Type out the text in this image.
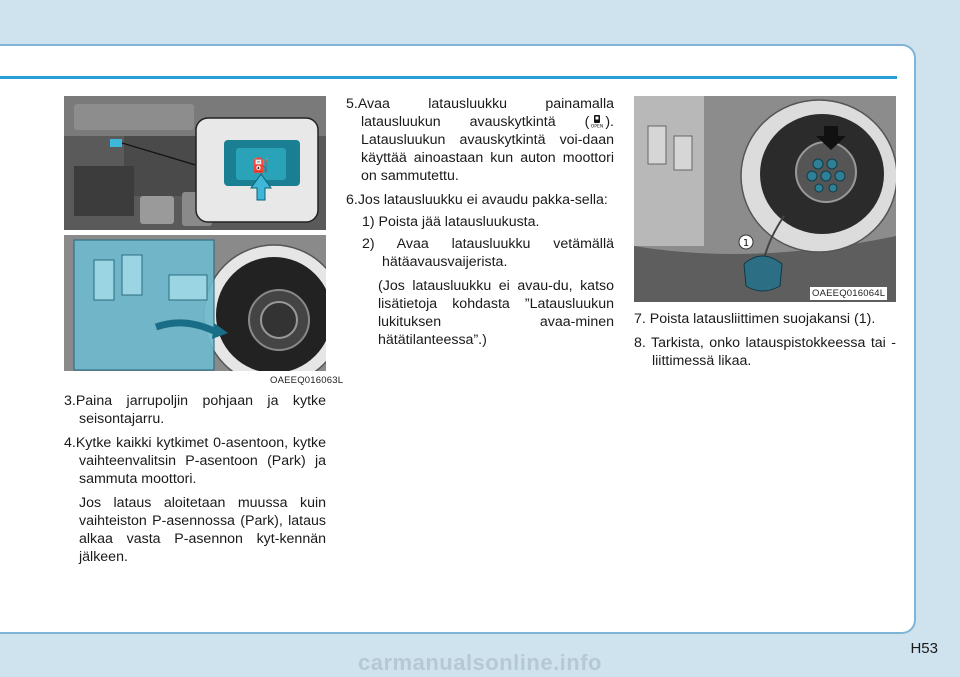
⛽
OAEEQ016063L

3.Paina jarrupoljin pohjaan ja kytke seisontajarru.

4.Kytke kaikki kytkimet 0-asentoon, kytke vaihteenvalitsin P-asentoon (Park) ja sammuta moottori.

Jos lataus aloitetaan muussa kuin vaihteiston P-asennossa (Park), lataus alkaa vasta P-asennon kyt-kennän jälkeen.

5.Avaa latausluukku painamalla latausluukun avauskytkintä ( OPEN ). Latausluukun avauskytkintä voi-daan käyttää ainoastaan kun auton moottori on sammutettu.

6.Jos latausluukku ei avaudu pakka-sella:

1) Poista jää latausluukusta.

2) Avaa latausluukku vetämällä hätäavausvaijerista.

(Jos latausluukku ei avau-du, katso lisätietoja kohdasta ”Latausluukun lukituksen avaa-minen hätätilanteessa”.)

1
OAEEQ016064L

7. Poista latausliittimen suojakansi (1).

8. Tarkista, onko latauspistokkeessa tai -liittimessä likaa.

H53
carmanualsonline.info
